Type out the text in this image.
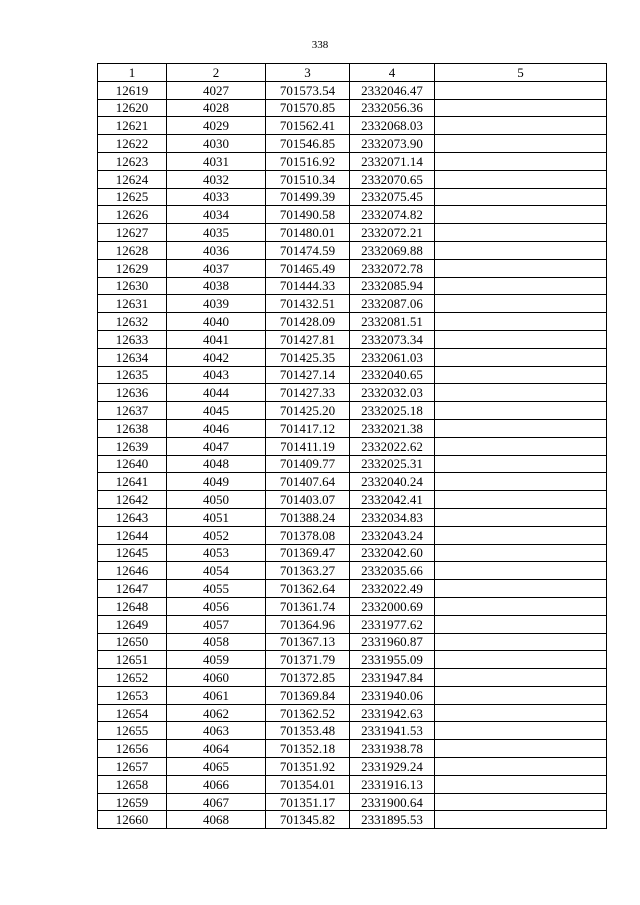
338
1	2	3	4	5
12619	4027	701573.54	2332046.47	
12620	4028	701570.85	2332056.36	
12621	4029	701562.41	2332068.03	
12622	4030	701546.85	2332073.90	
12623	4031	701516.92	2332071.14	
12624	4032	701510.34	2332070.65	
12625	4033	701499.39	2332075.45	
12626	4034	701490.58	2332074.82	
12627	4035	701480.01	2332072.21	
12628	4036	701474.59	2332069.88	
12629	4037	701465.49	2332072.78	
12630	4038	701444.33	2332085.94	
12631	4039	701432.51	2332087.06	
12632	4040	701428.09	2332081.51	
12633	4041	701427.81	2332073.34	
12634	4042	701425.35	2332061.03	
12635	4043	701427.14	2332040.65	
12636	4044	701427.33	2332032.03	
12637	4045	701425.20	2332025.18	
12638	4046	701417.12	2332021.38	
12639	4047	701411.19	2332022.62	
12640	4048	701409.77	2332025.31	
12641	4049	701407.64	2332040.24	
12642	4050	701403.07	2332042.41	
12643	4051	701388.24	2332034.83	
12644	4052	701378.08	2332043.24	
12645	4053	701369.47	2332042.60	
12646	4054	701363.27	2332035.66	
12647	4055	701362.64	2332022.49	
12648	4056	701361.74	2332000.69	
12649	4057	701364.96	2331977.62	
12650	4058	701367.13	2331960.87	
12651	4059	701371.79	2331955.09	
12652	4060	701372.85	2331947.84	
12653	4061	701369.84	2331940.06	
12654	4062	701362.52	2331942.63	
12655	4063	701353.48	2331941.53	
12656	4064	701352.18	2331938.78	
12657	4065	701351.92	2331929.24	
12658	4066	701354.01	2331916.13	
12659	4067	701351.17	2331900.64	
12660	4068	701345.82	2331895.53	
